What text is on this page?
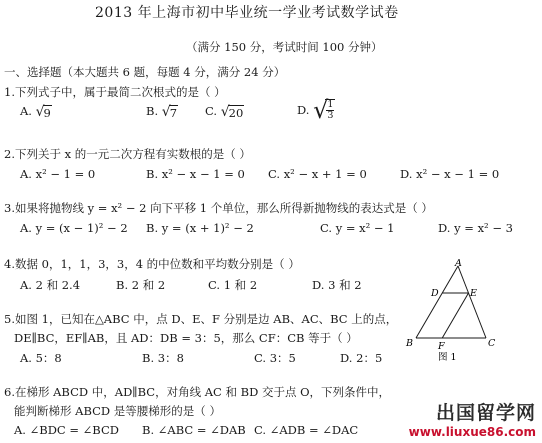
2013 年上海市初中毕业统一学业考试数学试卷
（满分 150 分，考试时间 100 分钟）
一、选择题（本大题共 6 题，每题 4 分，满分 24 分）
1.下列式子中，属于最简二次根式的是（ ）
A. √9	B. √7 C. √20	D. √
$\frac{1}{3}$
2.下列关于 x 的一元二次方程有实数根的是（ ）
A. x² − 1 = 0	B. x² − x − 1 = 0 C. x² − x + 1 = 0	D. x² − x − 1 = 0
3.如果将抛物线 y = x² − 2 向下平移 1 个单位，那么所得新抛物线的表达式是（ ）
A. y = (x − 1)² − 2 B. y = (x + 1)² − 2	C. y = x² − 1	D. y = x² − 3
4.数据 0，1，1，3，3，4 的中位数和平均数分别是（ ）
A. 2 和 2.4	B. 2 和 2	C. 1 和 2	D. 3 和 2
5.如图 1，已知在△ABC 中，点 D、E、F 分别是边 AB、AC、BC 上的点，
DE∥BC，EF∥AB，且 AD：DB = 3：5，那么 CF：CB 等于（ ）
A. 5：8	B. 3：8	C. 3：5	D. 2：5
A
D	E
B	F	C
图 1
6.在梯形 ABCD 中，AD∥BC，对角线 AC 和 BD 交于点 O，下列条件中，
能判断梯形 ABCD 是等腰梯形的是（ ）
A. ∠BDC = ∠BCD B. ∠ABC = ∠DAB C. ∠ADB = ∠DAC
出国留学网
www.liuxue86.com
